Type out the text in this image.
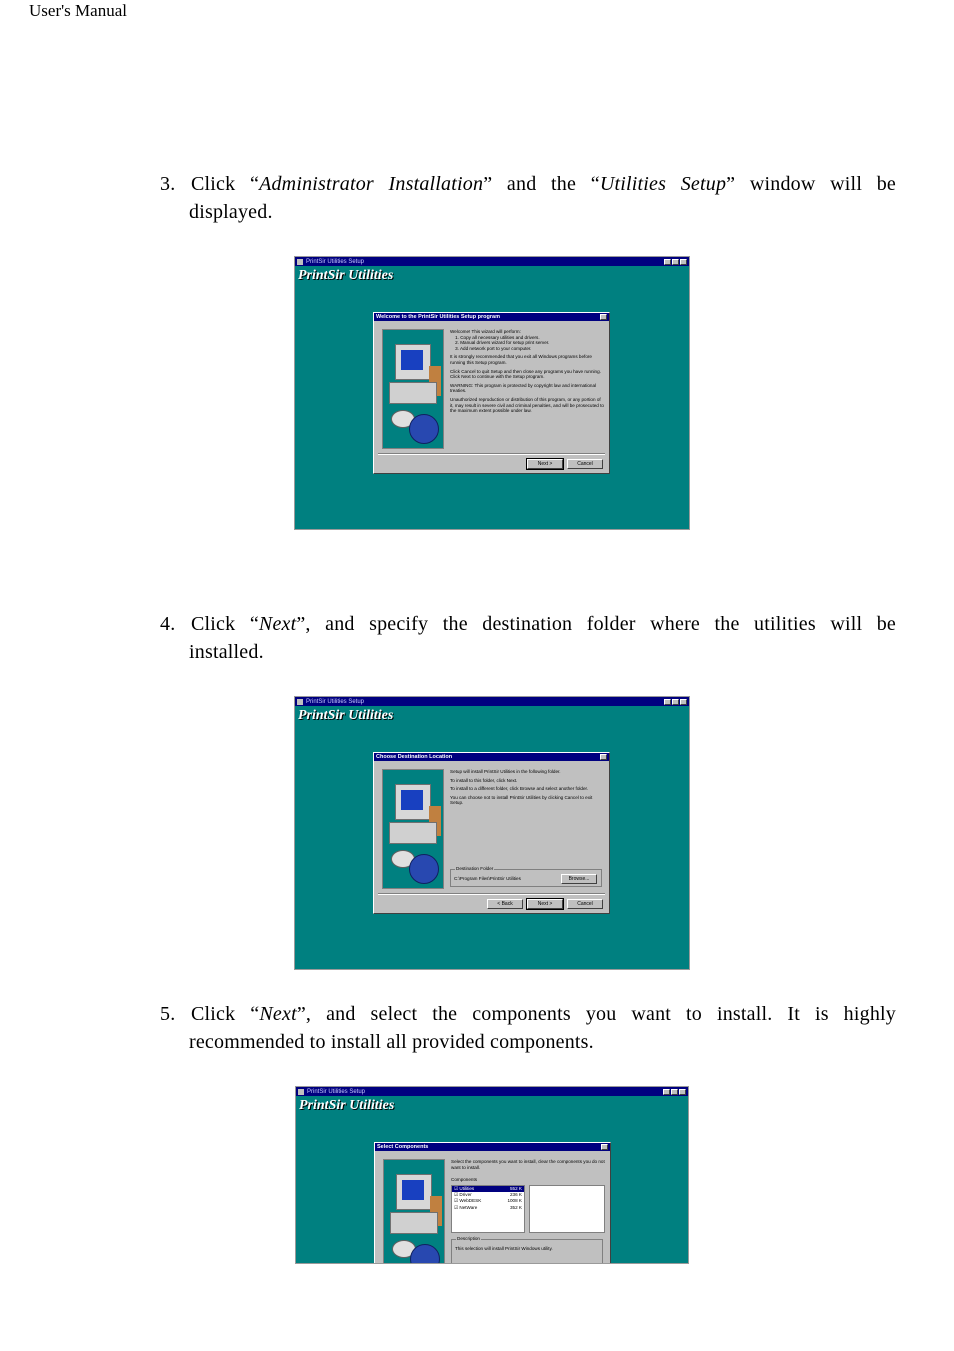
User's Manual
3. Click “Administrator Installation” and the “Utilities Setup” window will be
displayed.
PrintSir Utilities Setup
PrintSir Utilities
Welcome to the PrintSir Utilities Setup program

Welcome! This wizard will perform:
1. Copy all necessary utilities and drivers.
2. Manual drivers wizard for setup print server.
3. Add network port to your computer.

It is strongly recommended that you exit all Windows programs before running this Setup program.

Click Cancel to quit Setup and then close any programs you have running. Click Next to continue with the Setup program.

WARNING: This program is protected by copyright law and international treaties.

Unauthorized reproduction or distribution of this program, or any portion of it, may result in severe civil and criminal penalties, and will be prosecuted to the maximum extent possible under law.

Next >	Cancel
4. Click “Next”, and specify the destination folder where the utilities will be
installed.
PrintSir Utilities Setup
PrintSir Utilities
Choose Destination Location

Setup will install PrintSir Utilities in the following folder.

To install to this folder, click Next.

To install to a different folder, click Browse and select another folder.

You can choose not to install PrintSir Utilities by clicking Cancel to exit Setup.

Destination Folder
C:\Program Files\PrintSir Utilities	Browse...
< Back	Next >	Cancel
5. Click “Next”, and select the components you want to install. It is highly
recommended to install all provided components.
PrintSir Utilities Setup
PrintSir Utilities
Select Components
Select the components you want to install, clear the components you do not want to install.
Components
☑ Utilities	552 K
☑ Driver	236 K
☑ WebDESK	1008 K
☑ NetWare	352 K
Description
This selection will install PrintSir Windows utility.
